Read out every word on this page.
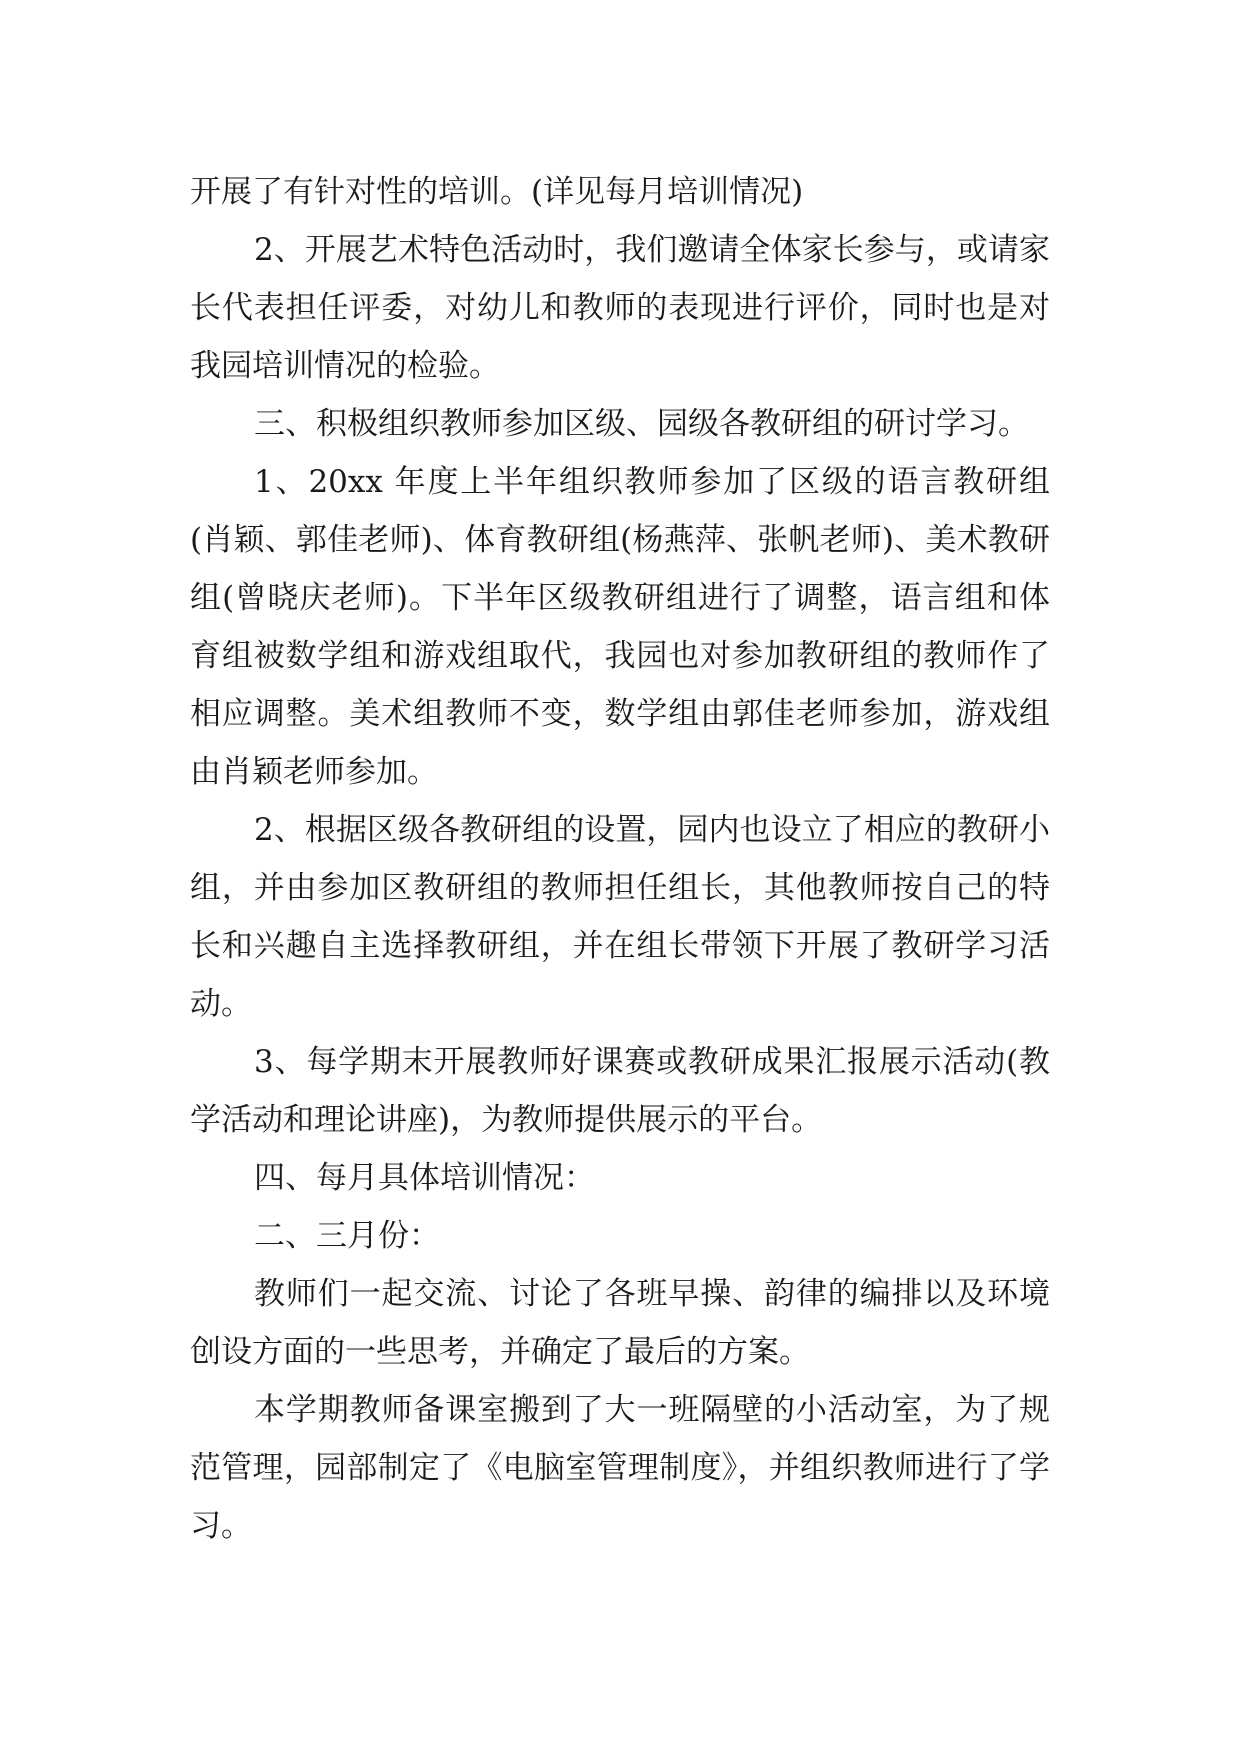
开展了有针对性的培训。(详见每月培训情况)

2、开展艺术特色活动时，我们邀请全体家长参与，或请家长代表担任评委，对幼儿和教师的表现进行评价，同时也是对我园培训情况的检验。

三、积极组织教师参加区级、园级各教研组的研讨学习。

1、20xx 年度上半年组织教师参加了区级的语言教研组(肖颖、郭佳老师)、体育教研组(杨燕萍、张帆老师)、美术教研组(曾晓庆老师)。下半年区级教研组进行了调整，语言组和体育组被数学组和游戏组取代，我园也对参加教研组的教师作了相应调整。美术组教师不变，数学组由郭佳老师参加，游戏组由肖颖老师参加。

2、根据区级各教研组的设置，园内也设立了相应的教研小组，并由参加区教研组的教师担任组长，其他教师按自己的特长和兴趣自主选择教研组，并在组长带领下开展了教研学习活动。

3、每学期末开展教师好课赛或教研成果汇报展示活动(教学活动和理论讲座)，为教师提供展示的平台。

四、每月具体培训情况：

二、三月份：

教师们一起交流、讨论了各班早操、韵律的编排以及环境创设方面的一些思考，并确定了最后的方案。

本学期教师备课室搬到了大一班隔壁的小活动室，为了规范管理，园部制定了《电脑室管理制度》，并组织教师进行了学习。
